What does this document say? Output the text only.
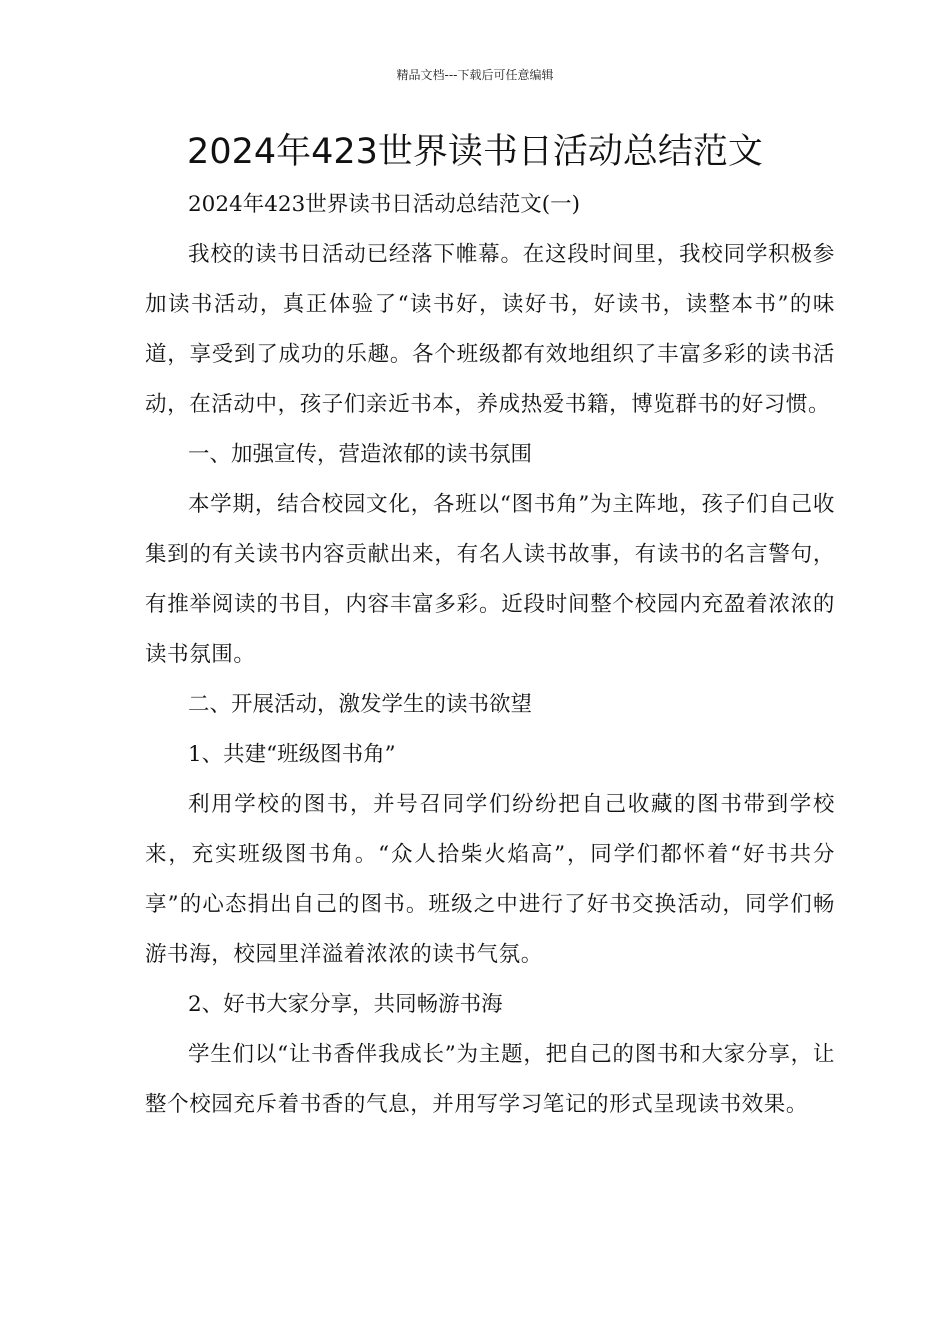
精品文档---下载后可任意编辑
2024年423世界读书日活动总结范文

2024年423世界读书日活动总结范文(一)

我校的读书日活动已经落下帷幕。在这段时间里，我校同学积极参加读书活动，真正体验了“读书好，读好书，好读书，读整本书”的味道，享受到了成功的乐趣。各个班级都有效地组织了丰富多彩的读书活动，在活动中，孩子们亲近书本，养成热爱书籍，博览群书的好习惯。

一、加强宣传，营造浓郁的读书氛围

本学期，结合校园文化，各班以“图书角”为主阵地，孩子们自己收集到的有关读书内容贡献出来，有名人读书故事，有读书的名言警句，有推举阅读的书目，内容丰富多彩。近段时间整个校园内充盈着浓浓的读书氛围。

二、开展活动，激发学生的读书欲望

1、共建“班级图书角”

利用学校的图书，并号召同学们纷纷把自己收藏的图书带到学校来，充实班级图书角。“众人拾柴火焰高”，同学们都怀着“好书共分享”的心态捐出自己的图书。班级之中进行了好书交换活动，同学们畅游书海，校园里洋溢着浓浓的读书气氛。

2、好书大家分享，共同畅游书海

学生们以“让书香伴我成长”为主题，把自己的图书和大家分享，让整个校园充斥着书香的气息，并用写学习笔记的形式呈现读书效果。
